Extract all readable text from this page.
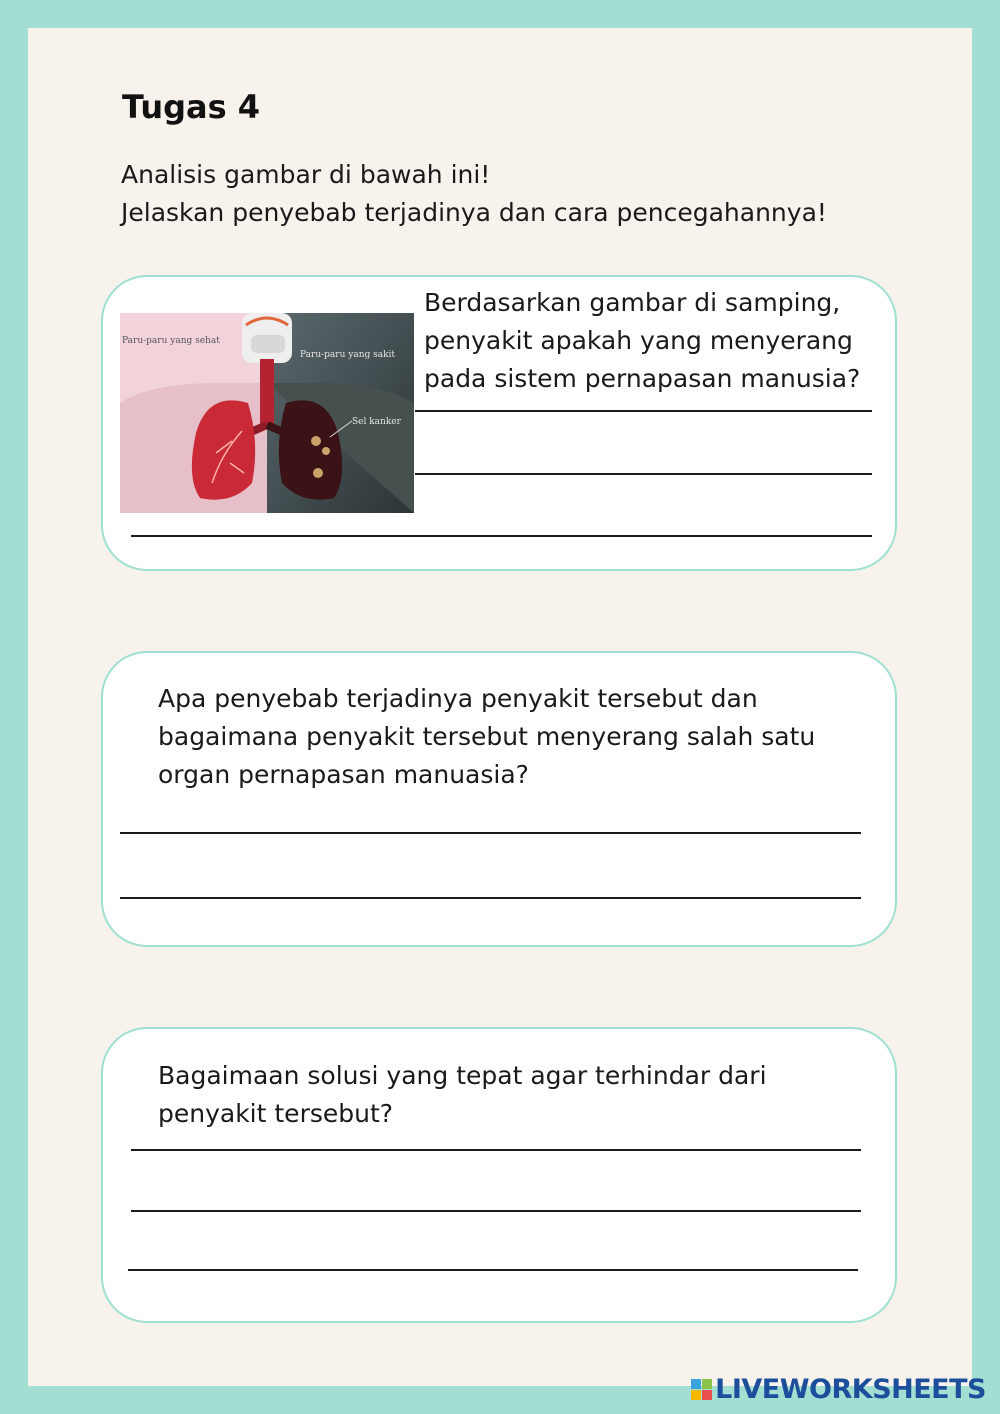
Tugas 4
Analisis gambar di bawah ini!
Jelaskan penyebab terjadinya dan cara pencegahannya!
Paru-paru yang sehat
Paru-paru yang sakit
Sel kanker
Berdasarkan gambar di samping,
penyakit apakah yang menyerang
pada sistem pernapasan manusia?
Apa penyebab terjadinya penyakit tersebut dan
bagaimana penyakit tersebut menyerang salah satu
organ pernapasan manuasia?
Bagaimaan solusi yang tepat agar terhindar dari
penyakit tersebut?
LIVEWORKSHEETS
